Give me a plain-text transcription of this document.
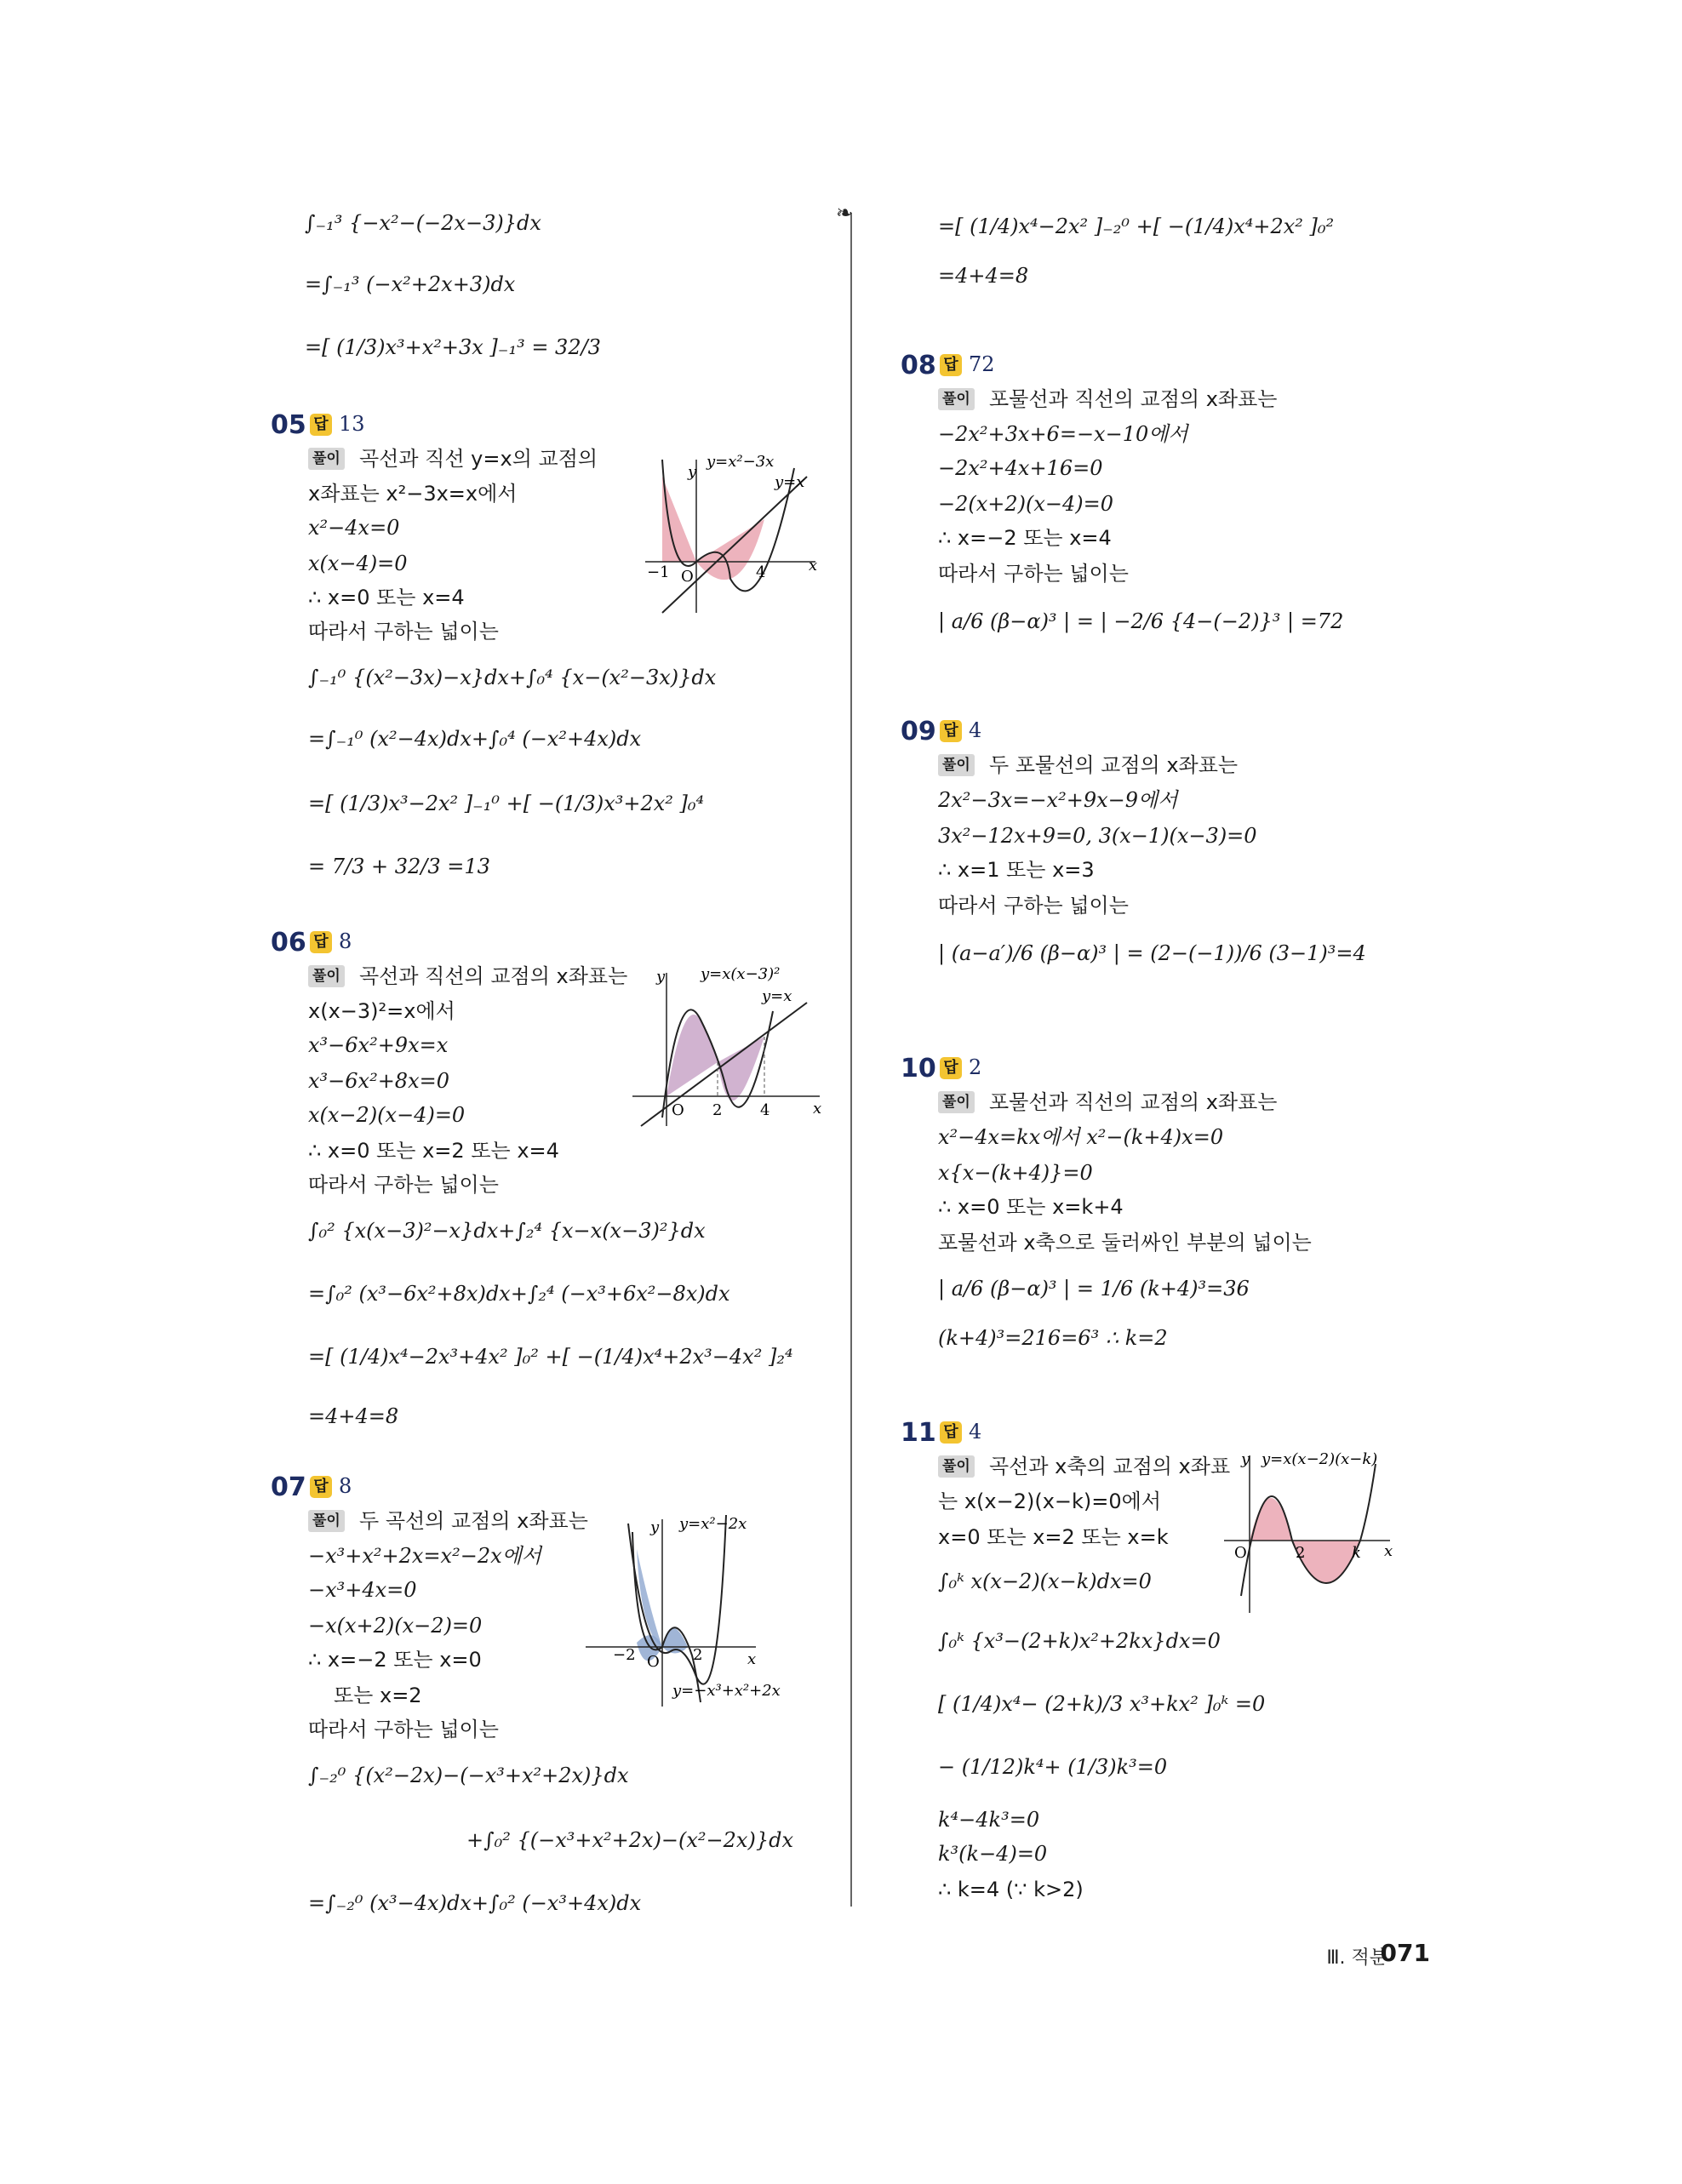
❧
∫₋₁³ {−x²−(−2x−3)}dx
=∫₋₁³ (−x²+2x+3)dx
=[ (1/3)x³+x²+3x ]₋₁³ = 32/3
05 답 13
풀이 곡선과 직선 y=x의 교점의
x좌표는 x²−3x=x에서
x²−4x=0
x(x−4)=0
∴ x=0 또는 x=4
따라서 구하는 넓이는
∫₋₁⁰ {(x²−3x)−x}dx+∫₀⁴ {x−(x²−3x)}dx
=∫₋₁⁰ (x²−4x)dx+∫₀⁴ (−x²+4x)dx
=[ (1/3)x³−2x² ]₋₁⁰ +[ −(1/3)x³+2x² ]₀⁴
= 7/3 + 32/3 =13
y
x
O
−1	4
y=x²−3x
y=x
06 답 8
풀이 곡선과 직선의 교점의 x좌표는
x(x−3)²=x에서
x³−6x²+9x=x
x³−6x²+8x=0
x(x−2)(x−4)=0
∴ x=0 또는 x=2 또는 x=4
따라서 구하는 넓이는
∫₀² {x(x−3)²−x}dx+∫₂⁴ {x−x(x−3)²}dx
=∫₀² (x³−6x²+8x)dx+∫₂⁴ (−x³+6x²−8x)dx
=[ (1/4)x⁴−2x³+4x² ]₀² +[ −(1/4)x⁴+2x³−4x² ]₂⁴
=4+4=8
y
x
O 2 4
y=x(x−3)²
y=x
07 답 8
풀이 두 곡선의 교점의 x좌표는
−x³+x²+2x=x²−2x에서
−x³+4x=0
−x(x+2)(x−2)=0
∴ x=−2 또는 x=0
또는 x=2
따라서 구하는 넓이는
∫₋₂⁰ {(x²−2x)−(−x³+x²+2x)}dx
+∫₀² {(−x³+x²+2x)−(x²−2x)}dx
=∫₋₂⁰ (x³−4x)dx+∫₀² (−x³+4x)dx
y
x
O
−2	2
y=x²−2x
y=−x³+x²+2x
=[ (1/4)x⁴−2x² ]₋₂⁰ +[ −(1/4)x⁴+2x² ]₀²
=4+4=8
08 답 72
풀이 포물선과 직선의 교점의 x좌표는
−2x²+3x+6=−x−10에서
−2x²+4x+16=0
−2(x+2)(x−4)=0
∴ x=−2 또는 x=4
따라서 구하는 넓이는
| a/6 (β−α)³ | = | −2/6 {4−(−2)}³ | =72
09 답 4
풀이 두 포물선의 교점의 x좌표는
2x²−3x=−x²+9x−9에서
3x²−12x+9=0, 3(x−1)(x−3)=0
∴ x=1 또는 x=3
따라서 구하는 넓이는
| (a−a′)/6 (β−α)³ | = (2−(−1))/6 (3−1)³=4
10 답 2
풀이 포물선과 직선의 교점의 x좌표는
x²−4x=kx에서 x²−(k+4)x=0
x{x−(k+4)}=0
∴ x=0 또는 x=k+4
포물선과 x축으로 둘러싸인 부분의 넓이는
| a/6 (β−α)³ | = 1/6 (k+4)³=36
(k+4)³=216=6³ ∴ k=2
11 답 4
풀이 곡선과 x축의 교점의 x좌표
는 x(x−2)(x−k)=0에서
x=0 또는 x=2 또는 x=k
∫₀ᵏ x(x−2)(x−k)dx=0
∫₀ᵏ {x³−(2+k)x²+2kx}dx=0
[ (1/4)x⁴− (2+k)/3 x³+kx² ]₀ᵏ =0
− (1/12)k⁴+ (1/3)k³=0
k⁴−4k³=0
k³(k−4)=0
∴ k=4 (∵ k>2)
y
x
O	2	k
y=x(x−2)(x−k)
Ⅲ. 적분
071
